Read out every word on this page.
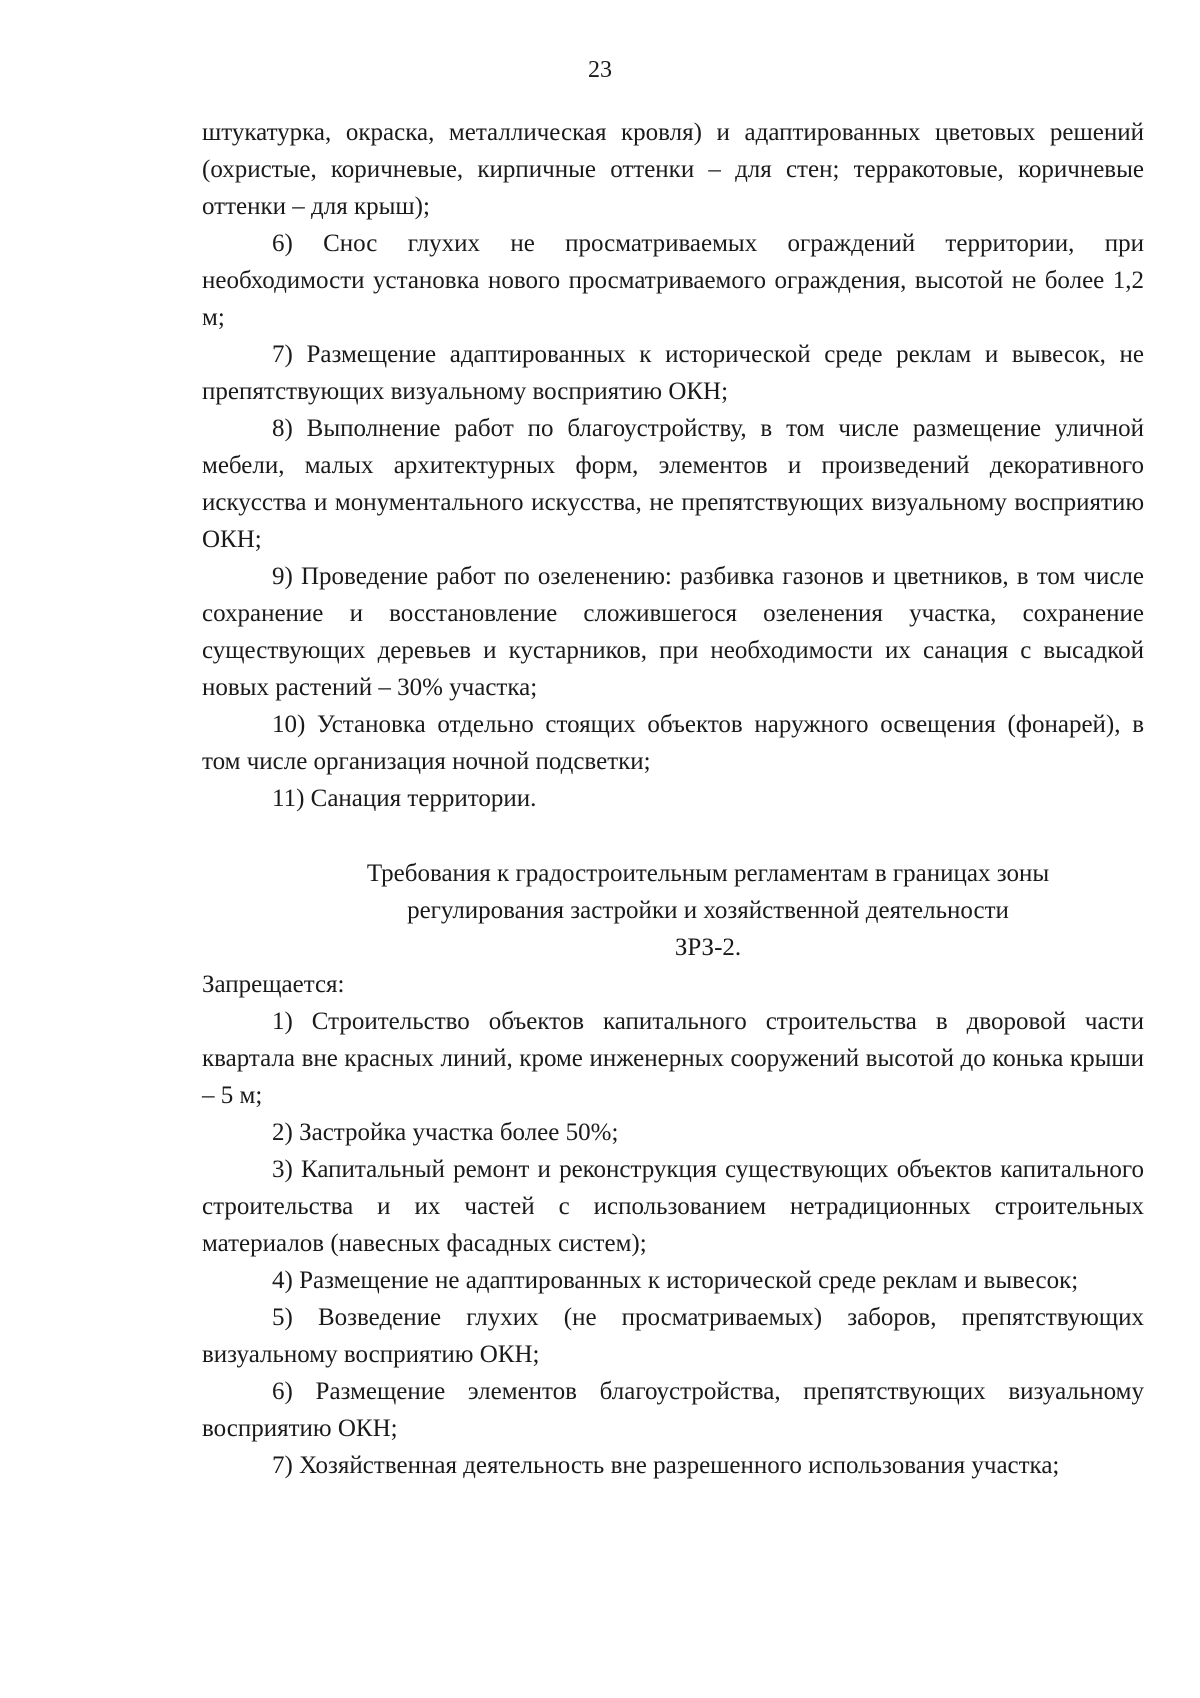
23

штукатурка, окраска, металлическая кровля) и адаптированных цветовых решений (охристые, коричневые, кирпичные оттенки – для стен; терракотовые, коричневые оттенки – для крыш);

6) Снос глухих не просматриваемых ограждений территории, при необходимости установка нового просматриваемого ограждения, высотой не более 1,2 м;

7) Размещение адаптированных к исторической среде реклам и вывесок, не препятствующих визуальному восприятию ОКН;

8) Выполнение работ по благоустройству, в том числе размещение уличной мебели, малых архитектурных форм, элементов и произведений декоративного искусства и монументального искусства, не препятствующих визуальному восприятию ОКН;

9) Проведение работ по озеленению: разбивка газонов и цветников, в том числе сохранение и восстановление сложившегося озеленения участка, сохранение существующих деревьев и кустарников, при необходимости их санация с высадкой новых растений – 30% участка;

10) Установка отдельно стоящих объектов наружного освещения (фонарей), в том числе организация ночной подсветки;

11) Санация территории.

Требования к градостроительным регламентам в границах зоны
регулирования застройки и хозяйственной деятельности
ЗРЗ-2.

Запрещается:

1) Строительство объектов капитального строительства в дворовой части квартала вне красных линий, кроме инженерных сооружений высотой до конька крыши – 5 м;

2) Застройка участка более 50%;

3) Капитальный ремонт и реконструкция существующих объектов капитального строительства и их частей с использованием нетрадиционных строительных материалов (навесных фасадных систем);

4) Размещение не адаптированных к исторической среде реклам и вывесок;

5) Возведение глухих (не просматриваемых) заборов, препятствующих визуальному восприятию ОКН;

6) Размещение элементов благоустройства, препятствующих визуальному восприятию ОКН;

7) Хозяйственная деятельность вне разрешенного использования участка;
